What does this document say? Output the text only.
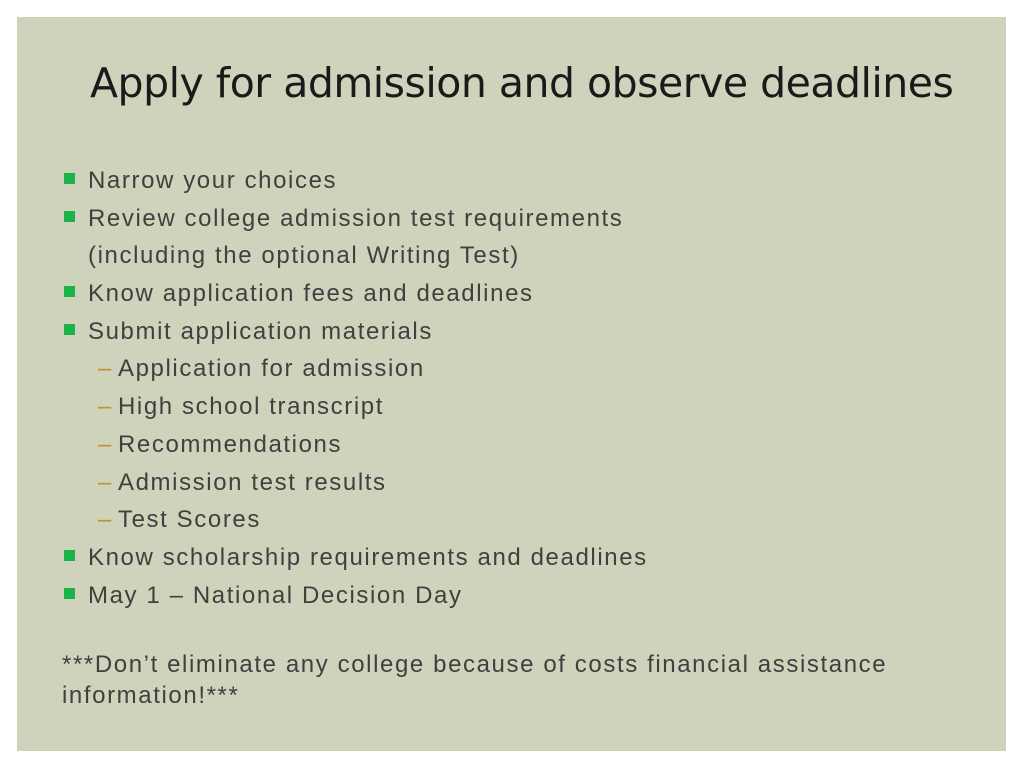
Apply for admission and observe deadlines
Narrow your choices
Review college admission test requirements
(including the optional Writing Test)
Know application fees and deadlines
Submit application materials
– Application for admission
– High school transcript
– Recommendations
– Admission test results
– Test Scores
Know scholarship requirements and deadlines
May 1 – National Decision Day

***Don’t eliminate any college because of costs financial assistance information!***
